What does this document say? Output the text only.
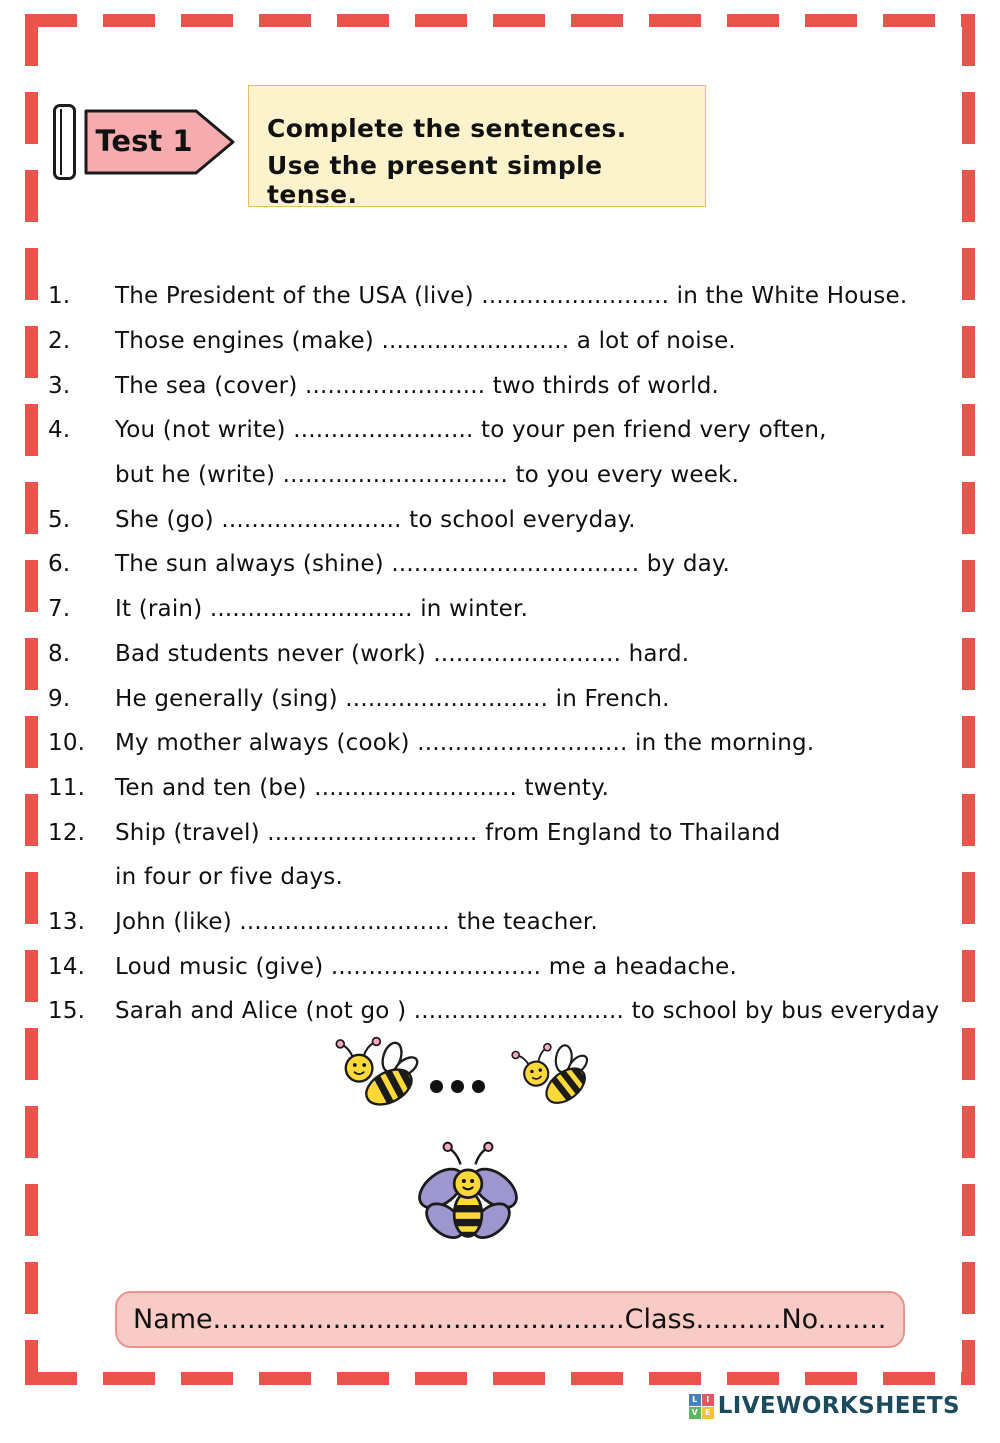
Test 1	Complete the sentences.
Use the present simple tense.
1.	The President of the USA (live) ......................... in the White House.
2.	Those engines (make) ......................... a lot of noise.
3.	The sea (cover) ........................ two thirds of world.
4.	You (not write) ........................ to your pen friend very often,
but he (write) .............................. to you every week.
5.	She (go) ........................ to school everyday.
6.	The sun always (shine) ................................. by day.
7.	It (rain) ........................... in winter.
8.	Bad students never (work) ......................... hard.
9.	He generally (sing) ........................... in French.
10.	My mother always (cook) ............................ in the morning.
11.	Ten and ten (be) ........................... twenty.
12.	Ship (travel) ............................ from England to Thailand
in four or five days.
13.	John (like) ............................ the teacher.
14.	Loud music (give) ............................ me a headache.
15.	Sarah and Alice (not go ) ............................ to school by bus everyday
Name................................................Class..........No........
L	I
V E LIVEWORKSHEETS
